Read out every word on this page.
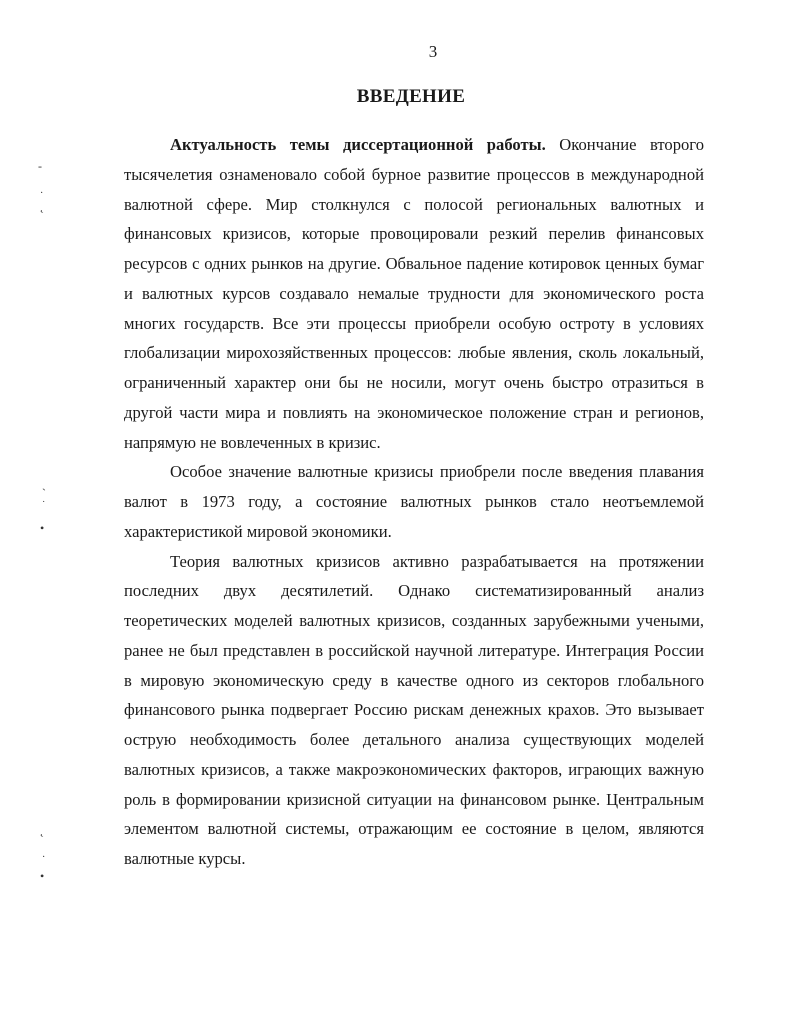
3
ВВЕДЕНИЕ

Актуальность темы диссертационной работы. Окончание второго тысячелетия ознаменовало собой бурное развитие процессов в международной валютной сфере. Мир столкнулся с полосой региональных валютных и финансовых кризисов, которые провоцировали резкий перелив финансовых ресурсов с одних рынков на другие. Обвальное падение котировок ценных бумаг и валютных курсов создавало немалые трудности для экономического роста многих государств. Все эти процессы приобрели особую остроту в условиях глобализации мирохозяйственных процессов: любые явления, сколь локальный, ограниченный характер они бы не носили, могут очень быстро отразиться в другой части мира и повлиять на экономическое положение стран и регионов, напрямую не вовлеченных в кризис.

Особое значение валютные кризисы приобрели после введения плавания валют в 1973 году, а состояние валютных рынков стало неотъемлемой характеристикой мировой экономики.

Теория валютных кризисов активно разрабатывается на протяжении последних двух десятилетий. Однако систематизированный анализ теоретических моделей валютных кризисов, созданных зарубежными учеными, ранее не был представлен в российской научной литературе. Интеграция России в мировую экономическую среду в качестве одного из секторов глобального финансового рынка подвергает Россию рискам денежных крахов. Это вызывает острую необходимость более детального анализа существующих моделей валютных кризисов, а также макроэкономических факторов, играющих важную роль в формировании кризисной ситуации на финансовом рынке. Центральным элементом валютной системы, отражающим ее состояние в целом, являются валютные курсы.

-
·
˛
ˏ
˙
•
˛
·
•
